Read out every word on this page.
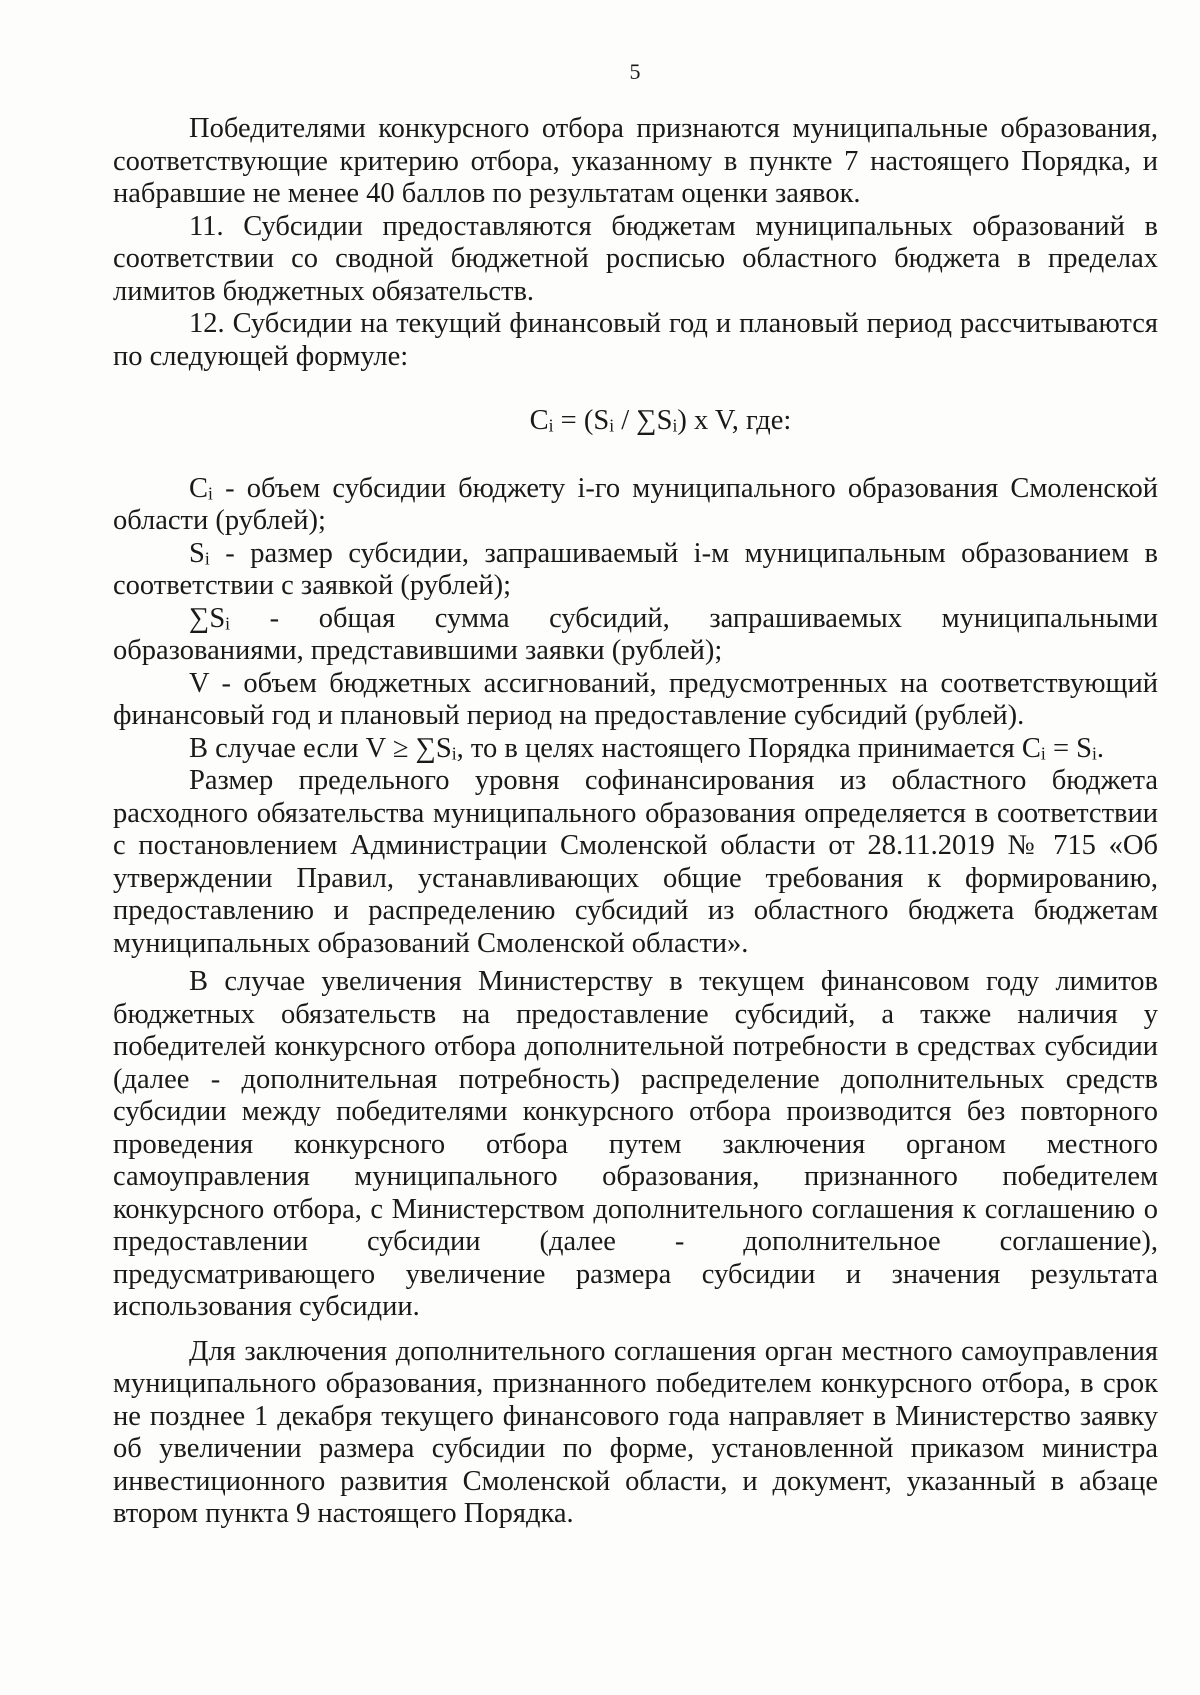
5

Победителями конкурсного отбора признаются муниципальные образования, соответствующие критерию отбора, указанному в пункте 7 настоящего Порядка, и набравшие не менее 40 баллов по результатам оценки заявок.

11. Субсидии предоставляются бюджетам муниципальных образований в соответствии со сводной бюджетной росписью областного бюджета в пределах лимитов бюджетных обязательств.

12. Субсидии на текущий финансовый год и плановый период рассчитываются по следующей формуле:

$C_i = (S_i / \sum S_i)$ x V, где:

$C_i$ - объем субсидии бюджету i-го муниципального образования Смоленской области (рублей);

$S_i$ - размер субсидии, запрашиваемый i-м муниципальным образованием в соответствии с заявкой (рублей);

$\sum S_i$ - общая сумма субсидий, запрашиваемых муниципальными образованиями, представившими заявки (рублей);

V - объем бюджетных ассигнований, предусмотренных на соответствующий финансовый год и плановый период на предоставление субсидий (рублей).

В случае если $V \ge \sum S_i$, то в целях настоящего Порядка принимается $C_i = S_i$.

Размер предельного уровня софинансирования из областного бюджета расходного обязательства муниципального образования определяется в соответствии с постановлением Администрации Смоленской области от 28.11.2019 № 715 «Об утверждении Правил, устанавливающих общие требования к формированию, предоставлению и распределению субсидий из областного бюджета бюджетам муниципальных образований Смоленской области».

В случае увеличения Министерству в текущем финансовом году лимитов бюджетных обязательств на предоставление субсидий, а также наличия у победителей конкурсного отбора дополнительной потребности в средствах субсидии (далее - дополнительная потребность) распределение дополнительных средств субсидии между победителями конкурсного отбора производится без повторного проведения конкурсного отбора путем заключения органом местного самоуправления муниципального образования, признанного победителем конкурсного отбора, с Министерством дополнительного соглашения к соглашению о предоставлении субсидии (далее - дополнительное соглашение), предусматривающего увеличение размера субсидии и значения результата использования субсидии.

Для заключения дополнительного соглашения орган местного самоуправления муниципального образования, признанного победителем конкурсного отбора, в срок не позднее 1 декабря текущего финансового года направляет в Министерство заявку об увеличении размера субсидии по форме, установленной приказом министра инвестиционного развития Смоленской области, и документ, указанный в абзаце втором пункта 9 настоящего Порядка.
